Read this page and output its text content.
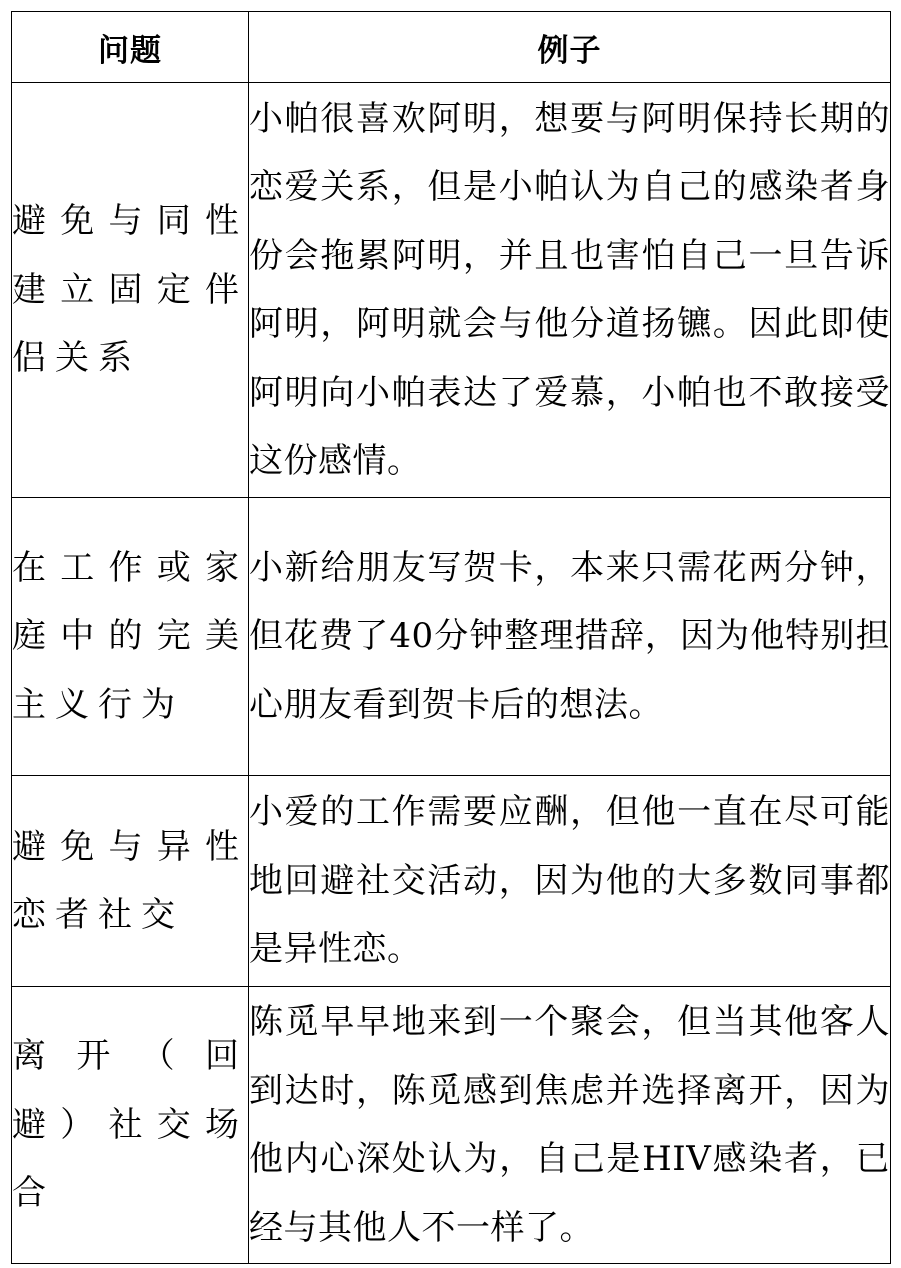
问题	例子
避免与同性建立固定伴侣关系	小帕很喜欢阿明，想要与阿明保持长期的恋爱关系，但是小帕认为自己的感染者身份会拖累阿明，并且也害怕自己一旦告诉阿明，阿明就会与他分道扬镳。因此即使阿明向小帕表达了爱慕，小帕也不敢接受这份感情。
在工作或家庭中的完美主义行为	小新给朋友写贺卡，本来只需花两分钟，但花费了40分钟整理措辞，因为他特别担心朋友看到贺卡后的想法。
避免与异性恋者社交	小爱的工作需要应酬，但他一直在尽可能地回避社交活动，因为他的大多数同事都是异性恋。
离开（回避）社交场合	陈觅早早地来到一个聚会，但当其他客人到达时，陈觅感到焦虑并选择离开，因为他内心深处认为，自己是HIV感染者，已经与其他人不一样了。
